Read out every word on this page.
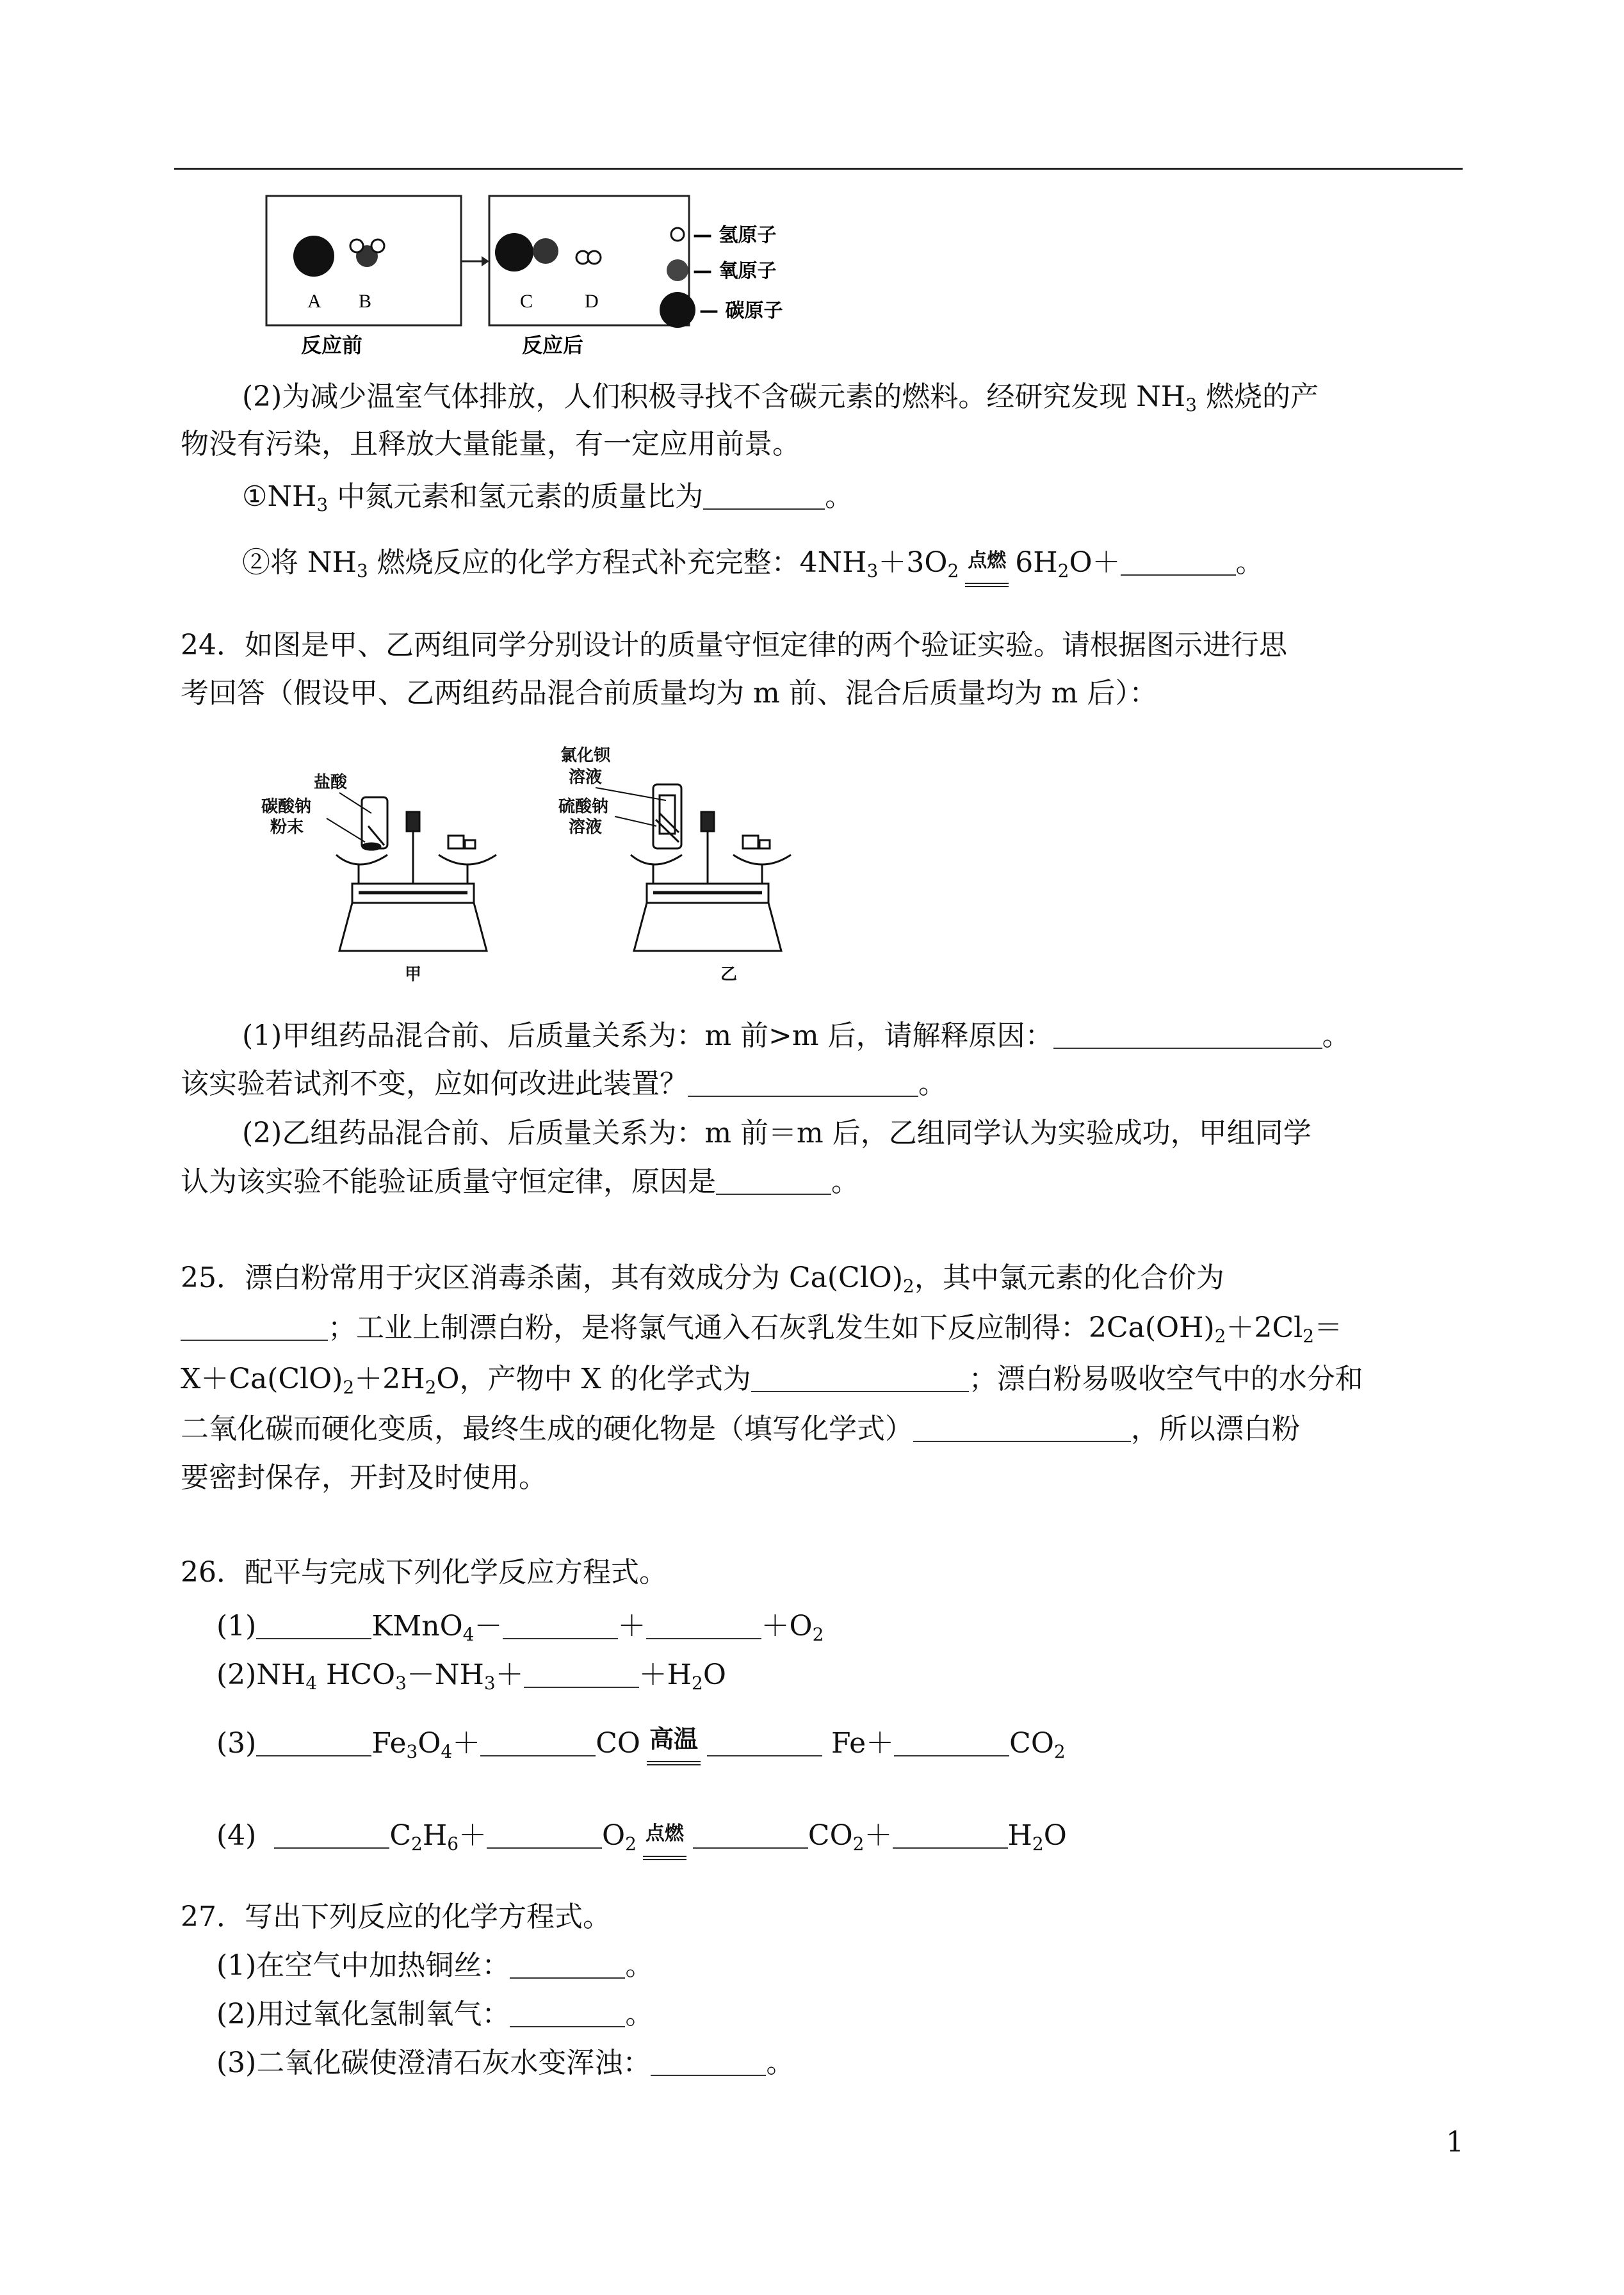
A B	C	D
反应前	反应后
— 氢原子
— 氧原子
— 碳原子
(2)为减少温室气体排放，人们积极寻找不含碳元素的燃料。经研究发现 $NH_3$ 燃烧的产
物没有污染，且释放大量能量，有一定应用前景。
$①NH_3$ 中氮元素和氢元素的质量比为	。
②将 $NH_3$ 燃烧反应的化学方程式补充完整：$4NH_3+3O_2$ 点燃 $6H_2O+$	。
24．如图是甲、乙两组同学分别设计的质量守恒定律的两个验证实验。请根据图示进行思
考回答（假设甲、乙两组药品混合前质量均为 m 前、混合后质量均为 m 后）：
盐酸
碳酸钠
粉末
氯化钡
溶液
硫酸钠
溶液
甲	乙
(1)甲组药品混合前、后质量关系为：m 前>m 后，请解释原因：	。
该实验若试剂不变，应如何改进此装置？	。
(2)乙组药品混合前、后质量关系为：m 前＝m 后，乙组同学认为实验成功，甲组同学
认为该实验不能验证质量守恒定律，原因是	。
25．漂白粉常用于灾区消毒杀菌，其有效成分为 $Ca(ClO)_2$，其中氯元素的化合价为
；工业上制漂白粉，是将氯气通入石灰乳发生如下反应制得：$2Ca(OH)_2+2Cl_2=$
$X+Ca(ClO)_2+2H_2O$，产物中 X 的化学式为	；漂白粉易吸收空气中的水分和
二氧化碳而硬化变质，最终生成的硬化物是（填写化学式）	，所以漂白粉
要密封保存，开封及时使用。
26．配平与完成下列化学反应方程式。
(1)	KMnO$_4$－	＋	$+O_2$
$(2)NH_4$ $HCO_3-NH_3+$	$+H_2O$
(3)	$Fe_3O_4+$	CO 高温	Fe＋	$CO_2$
(4)	$C_2H_6+$	$O_2$ 点燃	$CO_2+$	$H_2O$
27．写出下列反应的化学方程式。
(1)在空气中加热铜丝：	。
(2)用过氧化氢制氧气：	。
(3)二氧化碳使澄清石灰水变浑浊：	。
1
